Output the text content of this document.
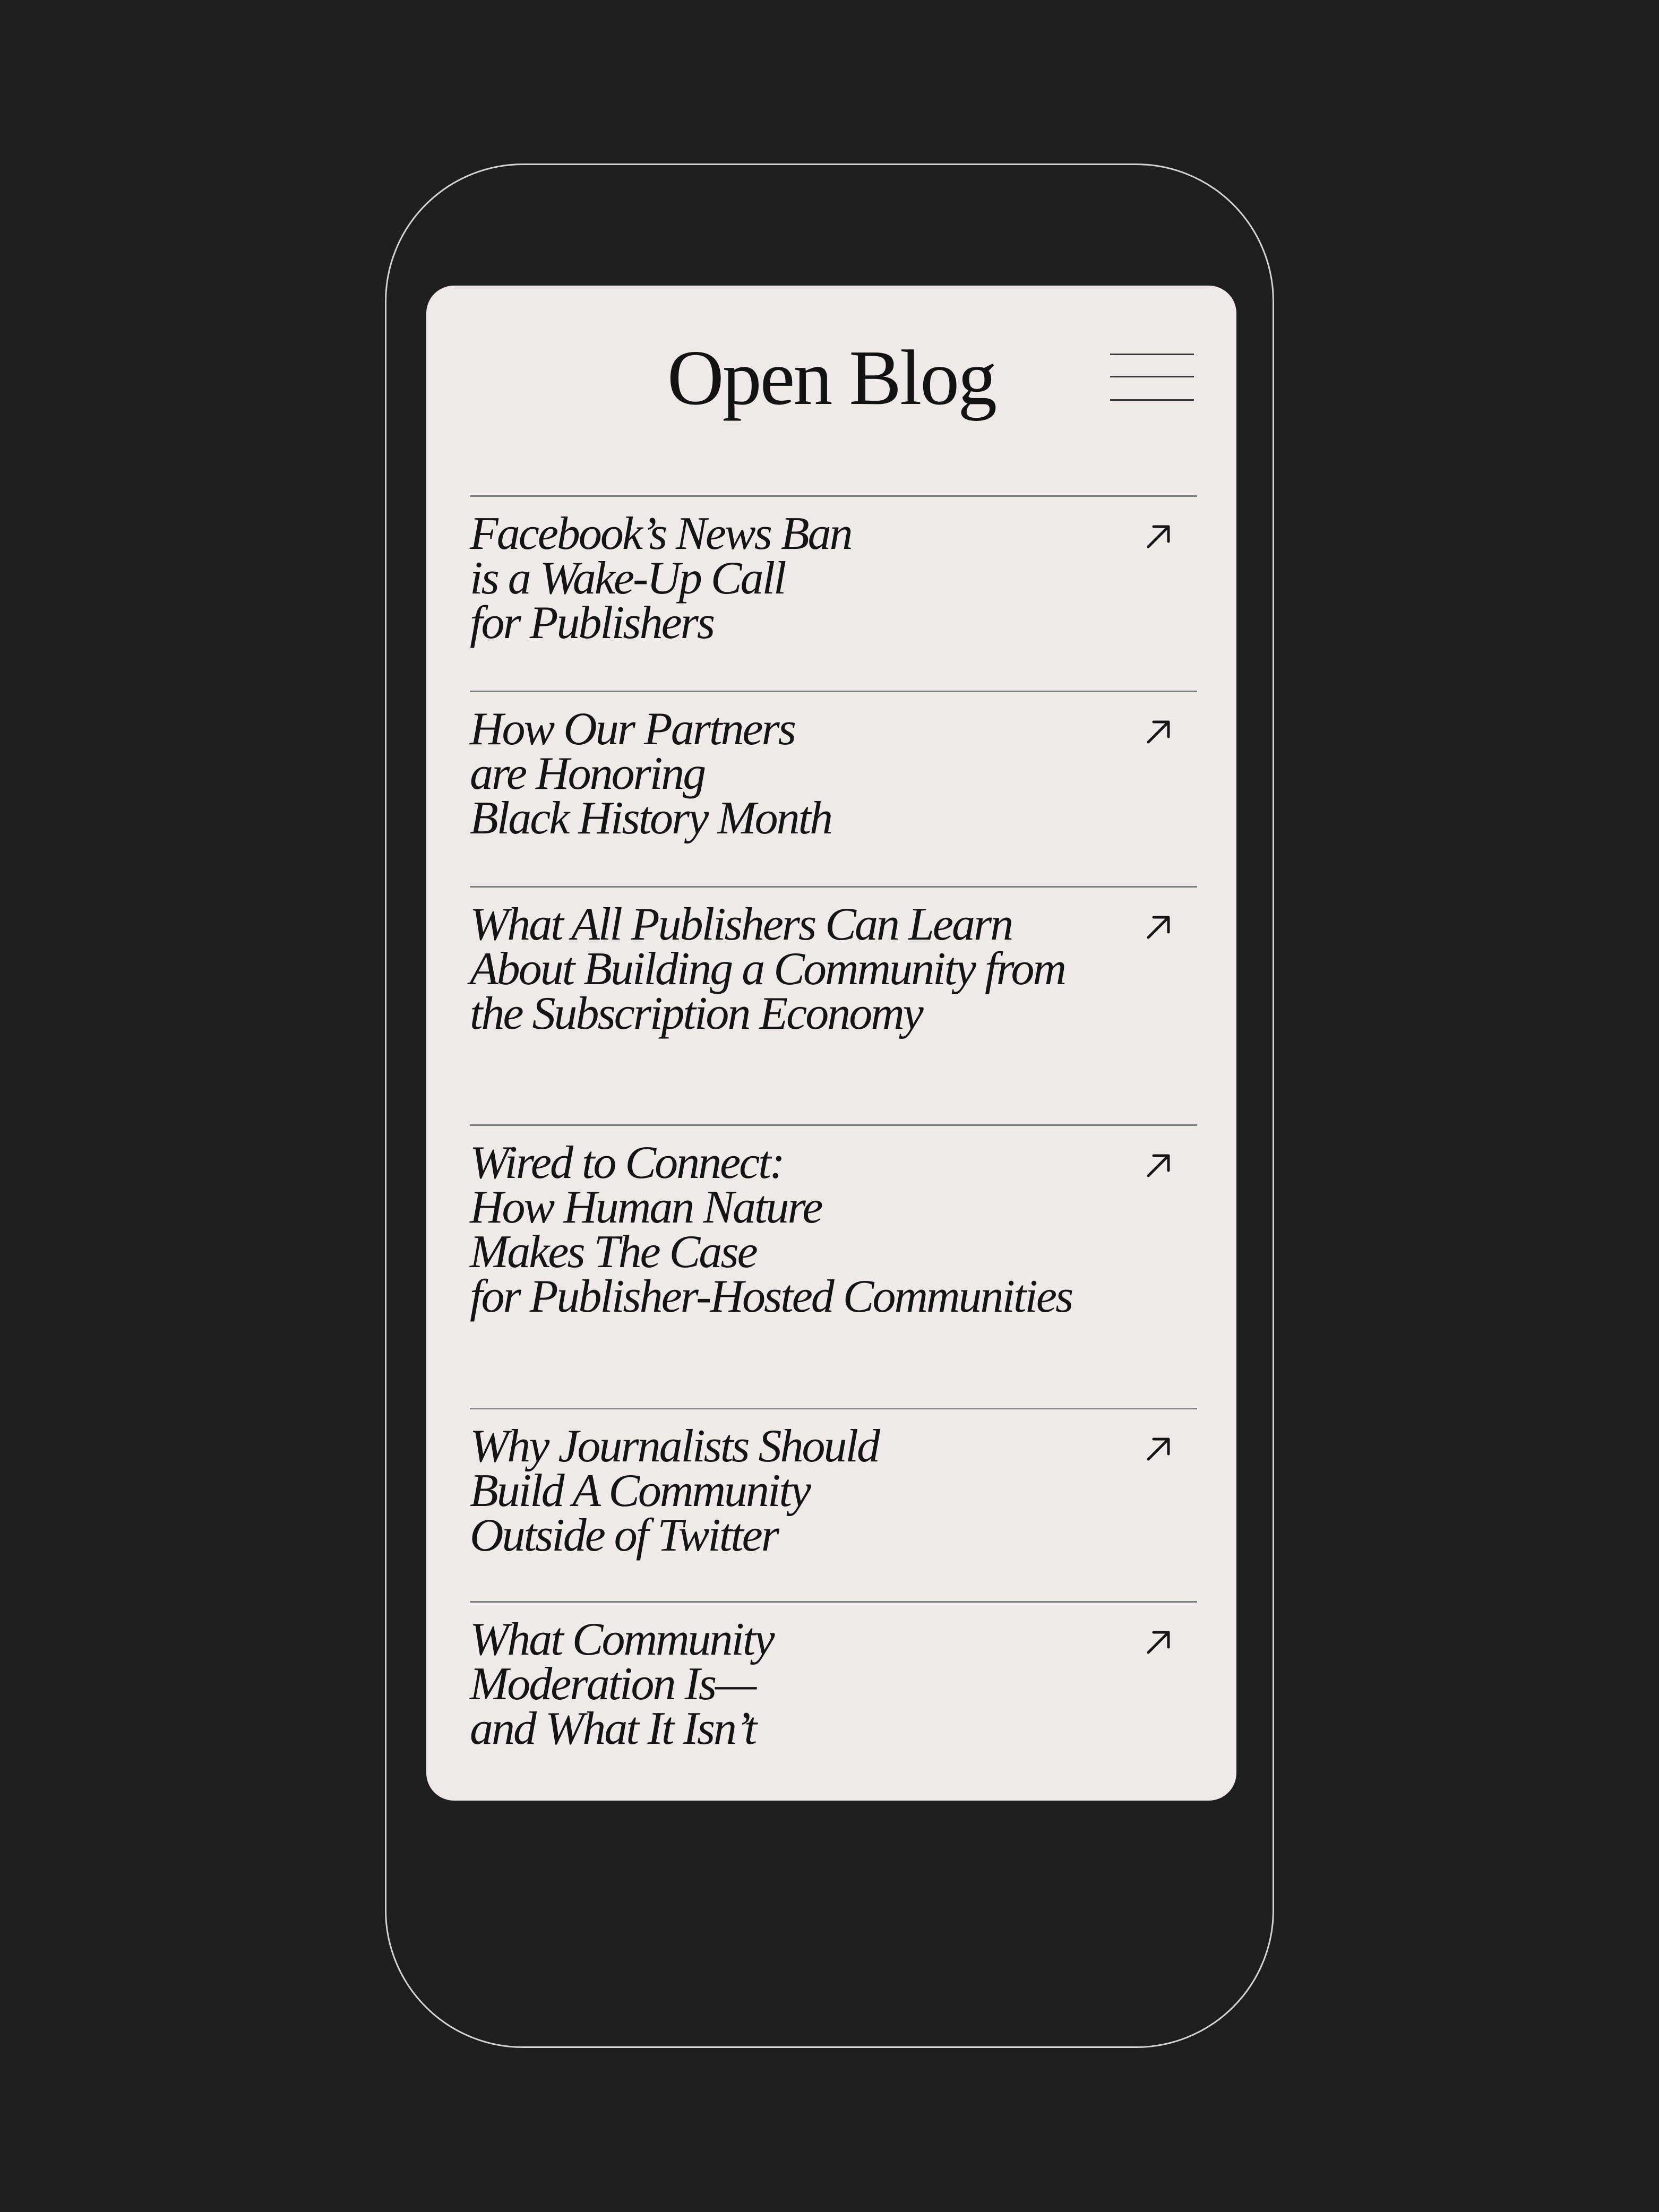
Open Blog
Facebook’s News Ban
is a Wake-Up Call
for Publishers
How Our Partners
are Honoring
Black History Month
What All Publishers Can Learn
About Building a Community from
the Subscription Economy
Wired to Connect:
How Human Nature
Makes The Case
for Publisher-Hosted Communities
Why Journalists Should
Build A Community
Outside of Twitter
What Community
Moderation Is—
and What It Isn’t
